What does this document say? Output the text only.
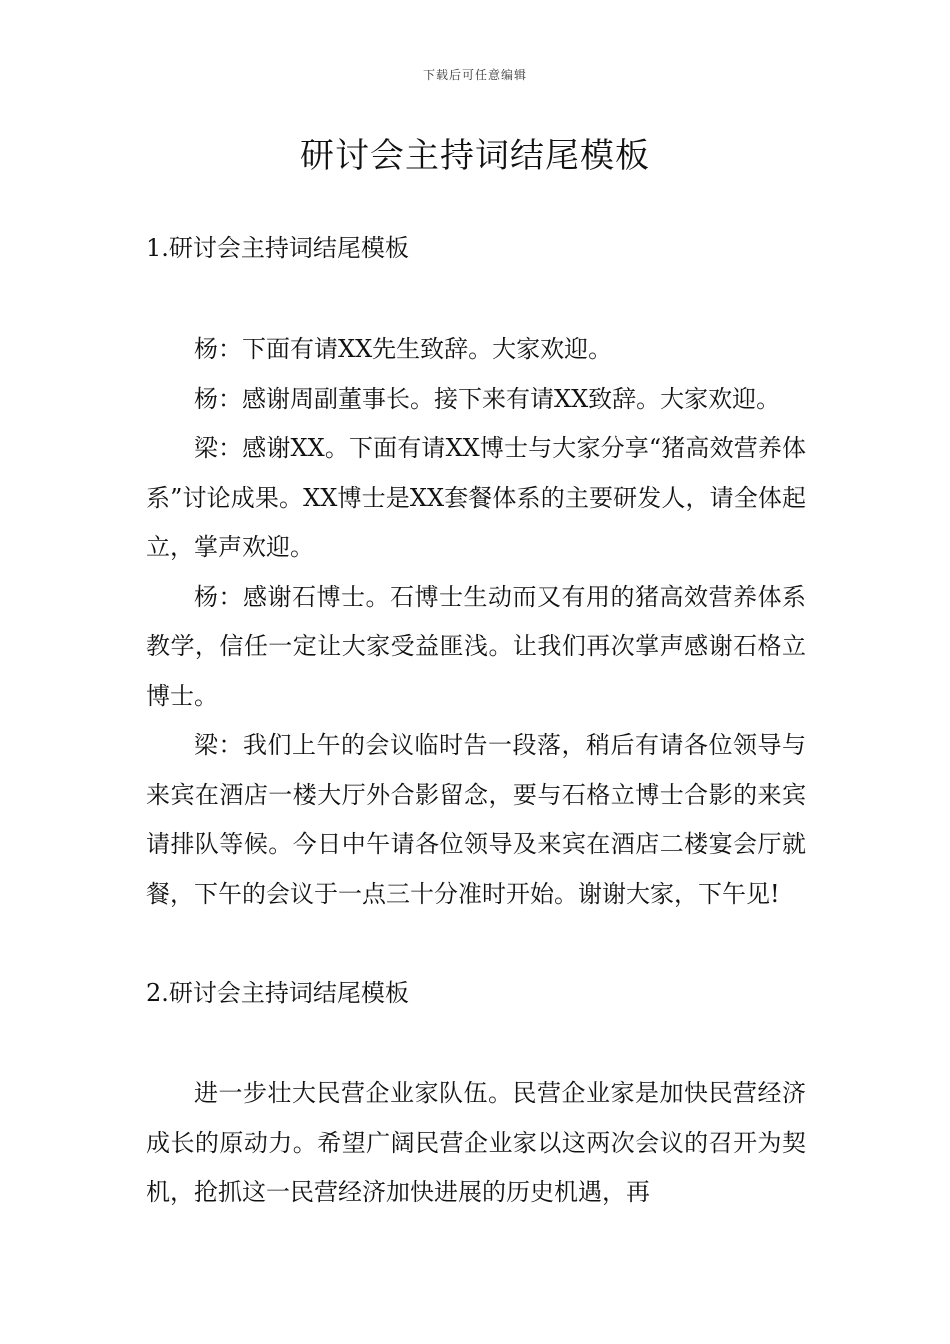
下载后可任意编辑
研讨会主持词结尾模板
1.研讨会主持词结尾模板

杨：下面有请XX先生致辞。大家欢迎。

杨：感谢周副董事长。接下来有请XX致辞。大家欢迎。

梁：感谢XX。下面有请XX博士与大家分享“猪高效营养体系”讨论成果。XX博士是XX套餐体系的主要研发人，请全体起立，掌声欢迎。

杨：感谢石博士。石博士生动而又有用的猪高效营养体系教学，信任一定让大家受益匪浅。让我们再次掌声感谢石格立博士。

梁：我们上午的会议临时告一段落，稍后有请各位领导与来宾在酒店一楼大厅外合影留念，要与石格立博士合影的来宾请排队等候。今日中午请各位领导及来宾在酒店二楼宴会厅就餐，下午的会议于一点三十分准时开始。谢谢大家，下午见!

2.研讨会主持词结尾模板

进一步壮大民营企业家队伍。民营企业家是加快民营经济成长的原动力。希望广阔民营企业家以这两次会议的召开为契机，抢抓这一民营经济加快进展的历史机遇，再
